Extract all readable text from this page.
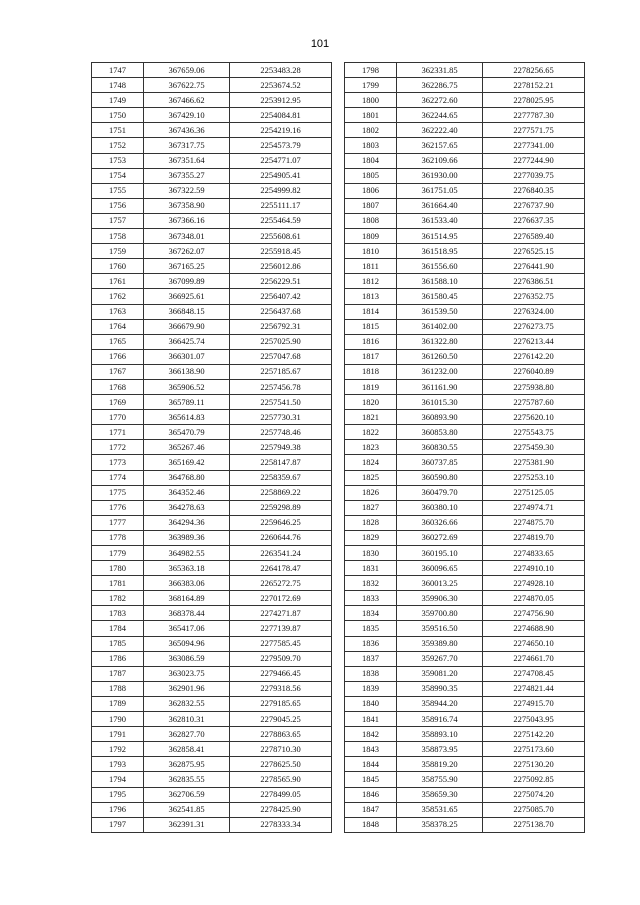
101
1747	367659.06	2253483.28
1748	367622.75	2253674.52
1749	367466.62	2253912.95
1750	367429.10	2254084.81
1751	367436.36	2254219.16
1752	367317.75	2254573.79
1753	367351.64	2254771.07
1754	367355.27	2254905.41
1755	367322.59	2254999.82
1756	367358.90	2255111.17
1757	367366.16	2255464.59
1758	367348.01	2255608.61
1759	367262.07	2255918.45
1760	367165.25	2256012.86
1761	367099.89	2256229.51
1762	366925.61	2256407.42
1763	366848.15	2256437.68
1764	366679.90	2256792.31
1765	366425.74	2257025.90
1766	366301.07	2257047.68
1767	366138.90	2257185.67
1768	365906.52	2257456.78
1769	365789.11	2257541.50
1770	365614.83	2257730.31
1771	365470.79	2257748.46
1772	365267.46	2257949.38
1773	365169.42	2258147.87
1774	364768.80	2258359.67
1775	364352.46	2258869.22
1776	364278.63	2259298.89
1777	364294.36	2259646.25
1778	363989.36	2260644.76
1779	364982.55	2263541.24
1780	365363.18	2264178.47
1781	366383.06	2265272.75
1782	368164.89	2270172.69
1783	368378.44	2274271.87
1784	365417.06	2277139.87
1785	365094.96	2277585.45
1786	363086.59	2279509.70
1787	363023.75	2279466.45
1788	362901.96	2279318.56
1789	362832.55	2279185.65
1790	362810.31	2279045.25
1791	362827.70	2278863.65
1792	362858.41	2278710.30
1793	362875.95	2278625.50
1794	362835.55	2278565.90
1795	362706.59	2278499.05
1796	362541.85	2278425.90
1797	362391.31	2278333.34
1798	362331.85	2278256.65
1799	362286.75	2278152.21
1800	362272.60	2278025.95
1801	362244.65	2277787.30
1802	362222.40	2277571.75
1803	362157.65	2277341.00
1804	362109.66	2277244.90
1805	361930.00	2277039.75
1806	361751.05	2276840.35
1807	361664.40	2276737.90
1808	361533.40	2276637.35
1809	361514.95	2276589.40
1810	361518.95	2276525.15
1811	361556.60	2276441.90
1812	361588.10	2276386.51
1813	361580.45	2276352.75
1814	361539.50	2276324.00
1815	361402.00	2276273.75
1816	361322.80	2276213.44
1817	361260.50	2276142.20
1818	361232.00	2276040.89
1819	361161.90	2275938.80
1820	361015.30	2275787.60
1821	360893.90	2275620.10
1822	360853.80	2275543.75
1823	360830.55	2275459.30
1824	360737.85	2275381.90
1825	360590.80	2275253.10
1826	360479.70	2275125.05
1827	360380.10	2274974.71
1828	360326.66	2274875.70
1829	360272.69	2274819.70
1830	360195.10	2274833.65
1831	360096.65	2274910.10
1832	360013.25	2274928.10
1833	359906.30	2274870.05
1834	359700.80	2274756.90
1835	359516.50	2274688.90
1836	359389.80	2274650.10
1837	359267.70	2274661.70
1838	359081.20	2274708.45
1839	358990.35	2274821.44
1840	358944.20	2274915.70
1841	358916.74	2275043.95
1842	358893.10	2275142.20
1843	358873.95	2275173.60
1844	358819.20	2275130.20
1845	358755.90	2275092.85
1846	358659.30	2275074.20
1847	358531.65	2275085.70
1848	358378.25	2275138.70
